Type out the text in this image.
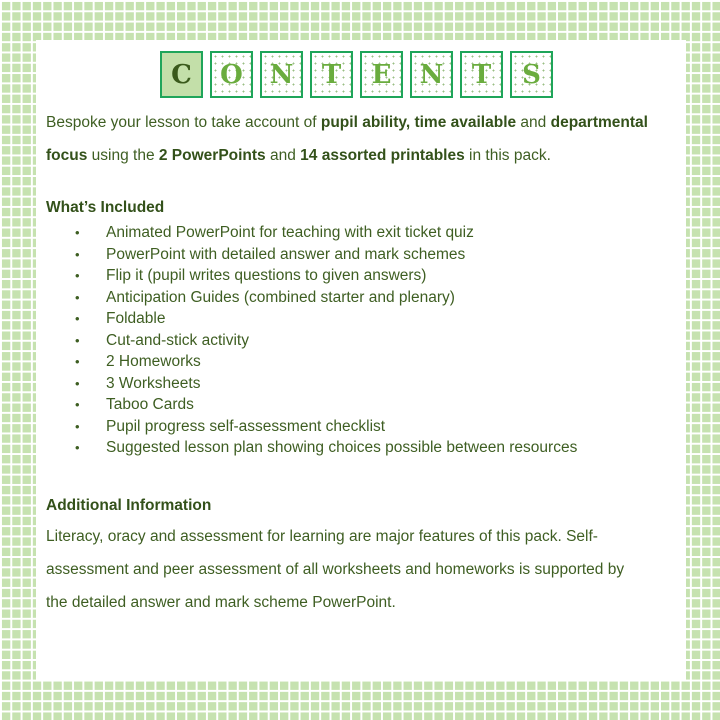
C	O	N	T	E	N	T	S
Bespoke your lesson to take account of pupil ability, time available and departmental
focus using the 2 PowerPoints and 14 assorted printables in this pack.
What’s Included
• Animated PowerPoint for teaching with exit ticket quiz
• PowerPoint with detailed answer and mark schemes
• Flip it (pupil writes questions to given answers)
• Anticipation Guides (combined starter and plenary)
• Foldable
• Cut-and-stick activity
• 2 Homeworks
• 3 Worksheets
• Taboo Cards
• Pupil progress self-assessment checklist
• Suggested lesson plan showing choices possible between resources
Additional Information
Literacy, oracy and assessment for learning are major features of this pack. Self-
assessment and peer assessment of all worksheets and homeworks is supported by
the detailed answer and mark scheme PowerPoint.
